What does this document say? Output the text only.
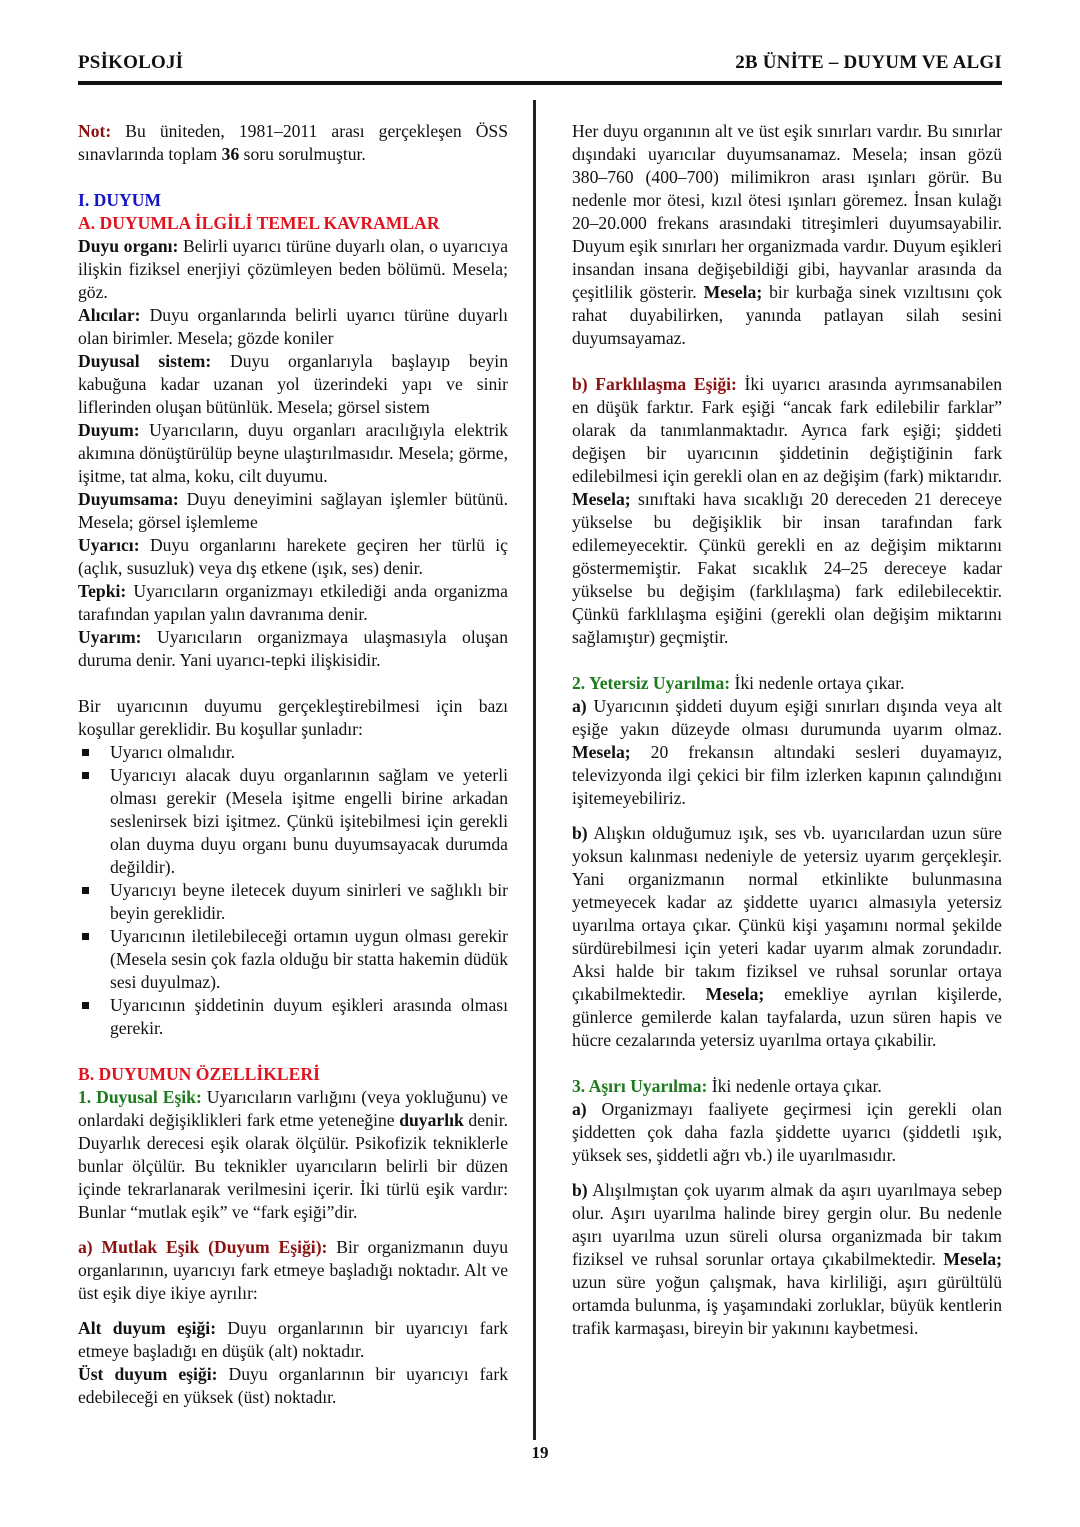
PSİKOLOJİ	2B ÜNİTE – DUYUM VE ALGI

Not: Bu üniteden, 1981–2011 arası gerçekleşen ÖSS sınavlarında toplam 36 soru sorulmuştur.

I. DUYUM
A. DUYUMLA İLGİLİ TEMEL KAVRAMLAR

Duyu organı: Belirli uyarıcı türüne duyarlı olan, o uyarıcıya ilişkin fiziksel enerjiyi çözümleyen beden bölümü. Mesela; göz.

Alıcılar: Duyu organlarında belirli uyarıcı türüne duyarlı olan birimler. Mesela; gözde koniler

Duyusal sistem: Duyu organlarıyla başlayıp beyin kabuğuna kadar uzanan yol üzerindeki yapı ve sinir liflerinden oluşan bütünlük. Mesela; görsel sistem

Duyum: Uyarıcıların, duyu organları aracılığıyla elektrik akımına dönüştürülüp beyne ulaştırılmasıdır. Mesela; görme, işitme, tat alma, koku, cilt duyumu.

Duyumsama: Duyu deneyimini sağlayan işlemler bütünü. Mesela; görsel işlemleme

Uyarıcı: Duyu organlarını harekete geçiren her türlü iç (açlık, susuzluk) veya dış etkene (ışık, ses) denir.

Tepki: Uyarıcıların organizmayı etkilediği anda organizma tarafından yapılan yalın davranıma denir.

Uyarım: Uyarıcıların organizmaya ulaşmasıyla oluşan duruma denir. Yani uyarıcı-tepki ilişkisidir.

Bir uyarıcının duyumu gerçekleştirebilmesi için bazı koşullar gereklidir. Bu koşullar şunladır:

Uyarıcı olmalıdır.
Uyarıcıyı alacak duyu organlarının sağlam ve yeterli olması gerekir (Mesela işitme engelli birine arkadan seslenirsek bizi işitmez. Çünkü işitebilmesi için gerekli olan duyma duyu organı bunu duyumsayacak durumda değildir).
Uyarıcıyı beyne iletecek duyum sinirleri ve sağlıklı bir beyin gereklidir.
Uyarıcının iletilebileceği ortamın uygun olması gerekir (Mesela sesin çok fazla olduğu bir statta hakemin düdük sesi duyulmaz).
Uyarıcının şiddetinin duyum eşikleri arasında olması gerekir.
B. DUYUMUN ÖZELLİKLERİ

1. Duyusal Eşik: Uyarıcıların varlığını (veya yokluğunu) ve onlardaki değişiklikleri fark etme yeteneğine duyarlık denir. Duyarlık derecesi eşik olarak ölçülür. Psikofizik tekniklerle bunlar ölçülür. Bu teknikler uyarıcıların belirli bir düzen içinde tekrarlanarak verilmesini içerir. İki türlü eşik vardır: Bunlar “mutlak eşik” ve “fark eşiği”dir.

a) Mutlak Eşik (Duyum Eşiği): Bir organizmanın duyu organlarının, uyarıcıyı fark etmeye başladığı noktadır. Alt ve üst eşik diye ikiye ayrılır:

Alt duyum eşiği: Duyu organlarının bir uyarıcıyı fark etmeye başladığı en düşük (alt) noktadır.

Üst duyum eşiği: Duyu organlarının bir uyarıcıyı fark edebileceği en yüksek (üst) noktadır.

Her duyu organının alt ve üst eşik sınırları vardır. Bu sınırlar dışındaki uyarıcılar duyumsanamaz. Mesela; insan gözü 380–760 (400–700) milimikron arası ışınları görür. Bu nedenle mor ötesi, kızıl ötesi ışınları göremez. İnsan kulağı 20–20.000 frekans arasındaki titreşimleri duyumsayabilir. Duyum eşik sınırları her organizmada vardır. Duyum eşikleri insandan insana değişebildiği gibi, hayvanlar arasında da çeşitlilik gösterir. Mesela; bir kurbağa sinek vızıltısını çok rahat duyabilirken, yanında patlayan silah sesini duyumsayamaz.

b) Farklılaşma Eşiği: İki uyarıcı arasında ayrımsanabilen en düşük farktır. Fark eşiği “ancak fark edilebilir farklar” olarak da tanımlanmaktadır. Ayrıca fark eşiği; şiddeti değişen bir uyarıcının şiddetinin değiştiğinin fark edilebilmesi için gerekli olan en az değişim (fark) miktarıdır. Mesela; sınıftaki hava sıcaklığı 20 dereceden 21 dereceye yükselse bu değişiklik bir insan tarafından fark edilemeyecektir. Çünkü gerekli en az değişim miktarını göstermemiştir. Fakat sıcaklık 24–25 dereceye kadar yükselse bu değişim (farklılaşma) fark edilebilecektir. Çünkü farklılaşma eşiğini (gerekli olan değişim miktarını sağlamıştır) geçmiştir.

2. Yetersiz Uyarılma: İki nedenle ortaya çıkar.

a) Uyarıcının şiddeti duyum eşiği sınırları dışında veya alt eşiğe yakın düzeyde olması durumunda uyarım olmaz. Mesela; 20 frekansın altındaki sesleri duyamayız, televizyonda ilgi çekici bir film izlerken kapının çalındığını işitemeyebiliriz.

b) Alışkın olduğumuz ışık, ses vb. uyarıcılardan uzun süre yoksun kalınması nedeniyle de yetersiz uyarım gerçekleşir. Yani organizmanın normal etkinlikte bulunmasına yetmeyecek kadar az şiddette uyarıcı almasıyla yetersiz uyarılma ortaya çıkar. Çünkü kişi yaşamını normal şekilde sürdürebilmesi için yeteri kadar uyarım almak zorundadır. Aksi halde bir takım fiziksel ve ruhsal sorunlar ortaya çıkabilmektedir. Mesela; emekliye ayrılan kişilerde, günlerce gemilerde kalan tayfalarda, uzun süren hapis ve hücre cezalarında yetersiz uyarılma ortaya çıkabilir.

3. Aşırı Uyarılma: İki nedenle ortaya çıkar.

a) Organizmayı faaliyete geçirmesi için gerekli olan şiddetten çok daha fazla şiddette uyarıcı (şiddetli ışık, yüksek ses, şiddetli ağrı vb.) ile uyarılmasıdır.

b) Alışılmıştan çok uyarım almak da aşırı uyarılmaya sebep olur. Aşırı uyarılma halinde birey gergin olur. Bu nedenle aşırı uyarılma uzun süreli olursa organizmada bir takım fiziksel ve ruhsal sorunlar ortaya çıkabilmektedir. Mesela; uzun süre yoğun çalışmak, hava kirliliği, aşırı gürültülü ortamda bulunma, iş yaşamındaki zorluklar, büyük kentlerin trafik karmaşası, bireyin bir yakınını kaybetmesi.

19
